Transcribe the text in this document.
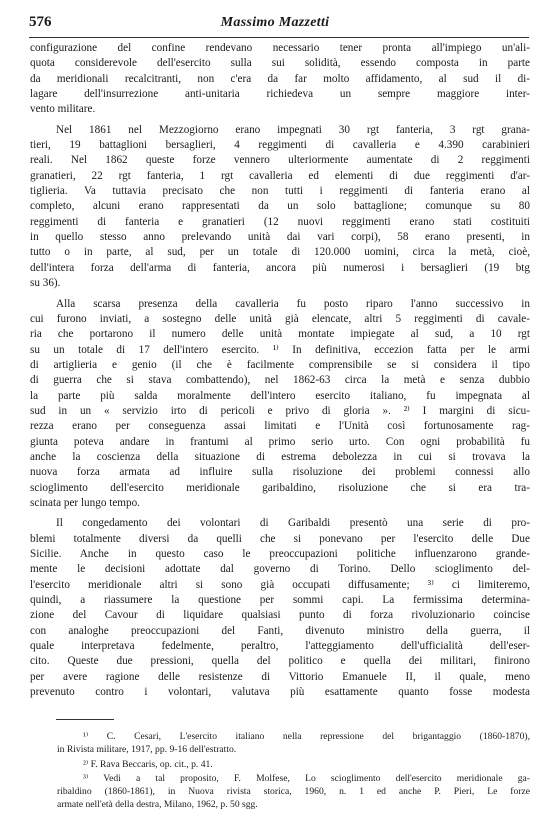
576	Massimo Mazzetti
configurazione del confine rendevano necessario tener pronta all'impiego un'ali-
quota considerevole dell'esercito sulla sui solidità, essendo composta in parte
da meridionali recalcitranti, non c'era da far molto affidamento, al sud il di-
lagare dell'insurrezione anti-unitaria richiedeva un sempre maggiore inter-
vento militare.
Nel 1861 nel Mezzogiorno erano impegnati 30 rgt fanteria, 3 rgt grana-
tieri, 19 battaglioni bersaglieri, 4 reggimenti di cavalleria e 4.390 carabinieri
reali. Nel 1862 queste forze vennero ulteriormente aumentate di 2 reggimenti
granatieri, 22 rgt fanteria, 1 rgt cavalleria ed elementi di due reggimenti d'ar-
tiglieria. Va tuttavia precisato che non tutti i reggimenti di fanteria erano al
completo, alcuni erano rappresentati da un solo battaglione; comunque su 80
reggimenti di fanteria e granatieri (12 nuovi reggimenti erano stati costituiti
in quello stesso anno prelevando unità dai vari corpi), 58 erano presenti, in
tutto o in parte, al sud, per un totale di 120.000 uomini, circa la metà, cioè,
dell'intera forza dell'arma di fanteria, ancora più numerosi i bersaglieri (19 btg
su 36).
Alla scarsa presenza della cavalleria fu posto riparo l'anno successivo in
cui furono inviati, a sostegno delle unità già elencate, altri 5 reggimenti di cavale-
ria che portarono il numero delle unità montate impiegate al sud, a 10 rgt
su un totale di 17 dell'intero esercito. ¹⁾ In definitiva, eccezion fatta per le armi
di artiglieria e genio (il che è facilmente comprensibile se si considera il tipo
di guerra che si stava combattendo), nel 1862-63 circa la metà e senza dubbio
la parte più salda moralmente dell'intero esercito italiano, fu impegnata al
sud in un « servizio irto di pericoli e privo di gloria ». ²⁾ I margini di sicu-
rezza erano per conseguenza assai limitati e l'Unità così fortunosamente rag-
giunta poteva andare in frantumi al primo serio urto. Con ogni probabilità fu
anche la coscienza della situazione di estrema debolezza in cui si trovava la
nuova forza armata ad influire sulla risoluzione dei problemi connessi allo
scioglimento dell'esercito meridionale garibaldino, risoluzione che si era tra-
scinata per lungo tempo.
Il congedamento dei volontari di Garibaldi presentò una serie di pro-
blemi totalmente diversi da quelli che si ponevano per l'esercito delle Due
Sicilie. Anche in questo caso le preoccupazioni politiche influenzarono grande-
mente le decisioni adottate dal governo di Torino. Dello scioglimento del-
l'esercito meridionale altri si sono già occupati diffusamente; ³⁾ ci limiteremo,
quindi, a riassumere la questione per sommi capi. La fermissima determina-
zione del Cavour di liquidare qualsiasi punto di forza rivoluzionario coincise
con analoghe preoccupazioni del Fanti, divenuto ministro della guerra, il
quale interpretava fedelmente, peraltro, l'atteggiamento dell'ufficialità dell'eser-
cito. Queste due pressioni, quella del politico e quella dei militari, finirono
per avere ragione delle resistenze di Vittorio Emanuele II, il quale, meno
prevenuto contro i volontari, valutava più esattamente quanto fosse modesta
¹⁾ C. Cesari, L'esercito italiano nella repressione del brigantaggio (1860-1870),
in Rivista militare, 1917, pp. 9-16 dell'estratto.
²⁾ F. Rava Beccaris, op. cit., p. 41.
³⁾ Vedi a tal proposito, F. Molfese, Lo scioglimento dell'esercito meridionale ga-
ribaldino (1860-1861), in Nuova rivista storica, 1960, n. 1 ed anche P. Pieri, Le forze
armate nell'età della destra, Milano, 1962, p. 50 sgg.
